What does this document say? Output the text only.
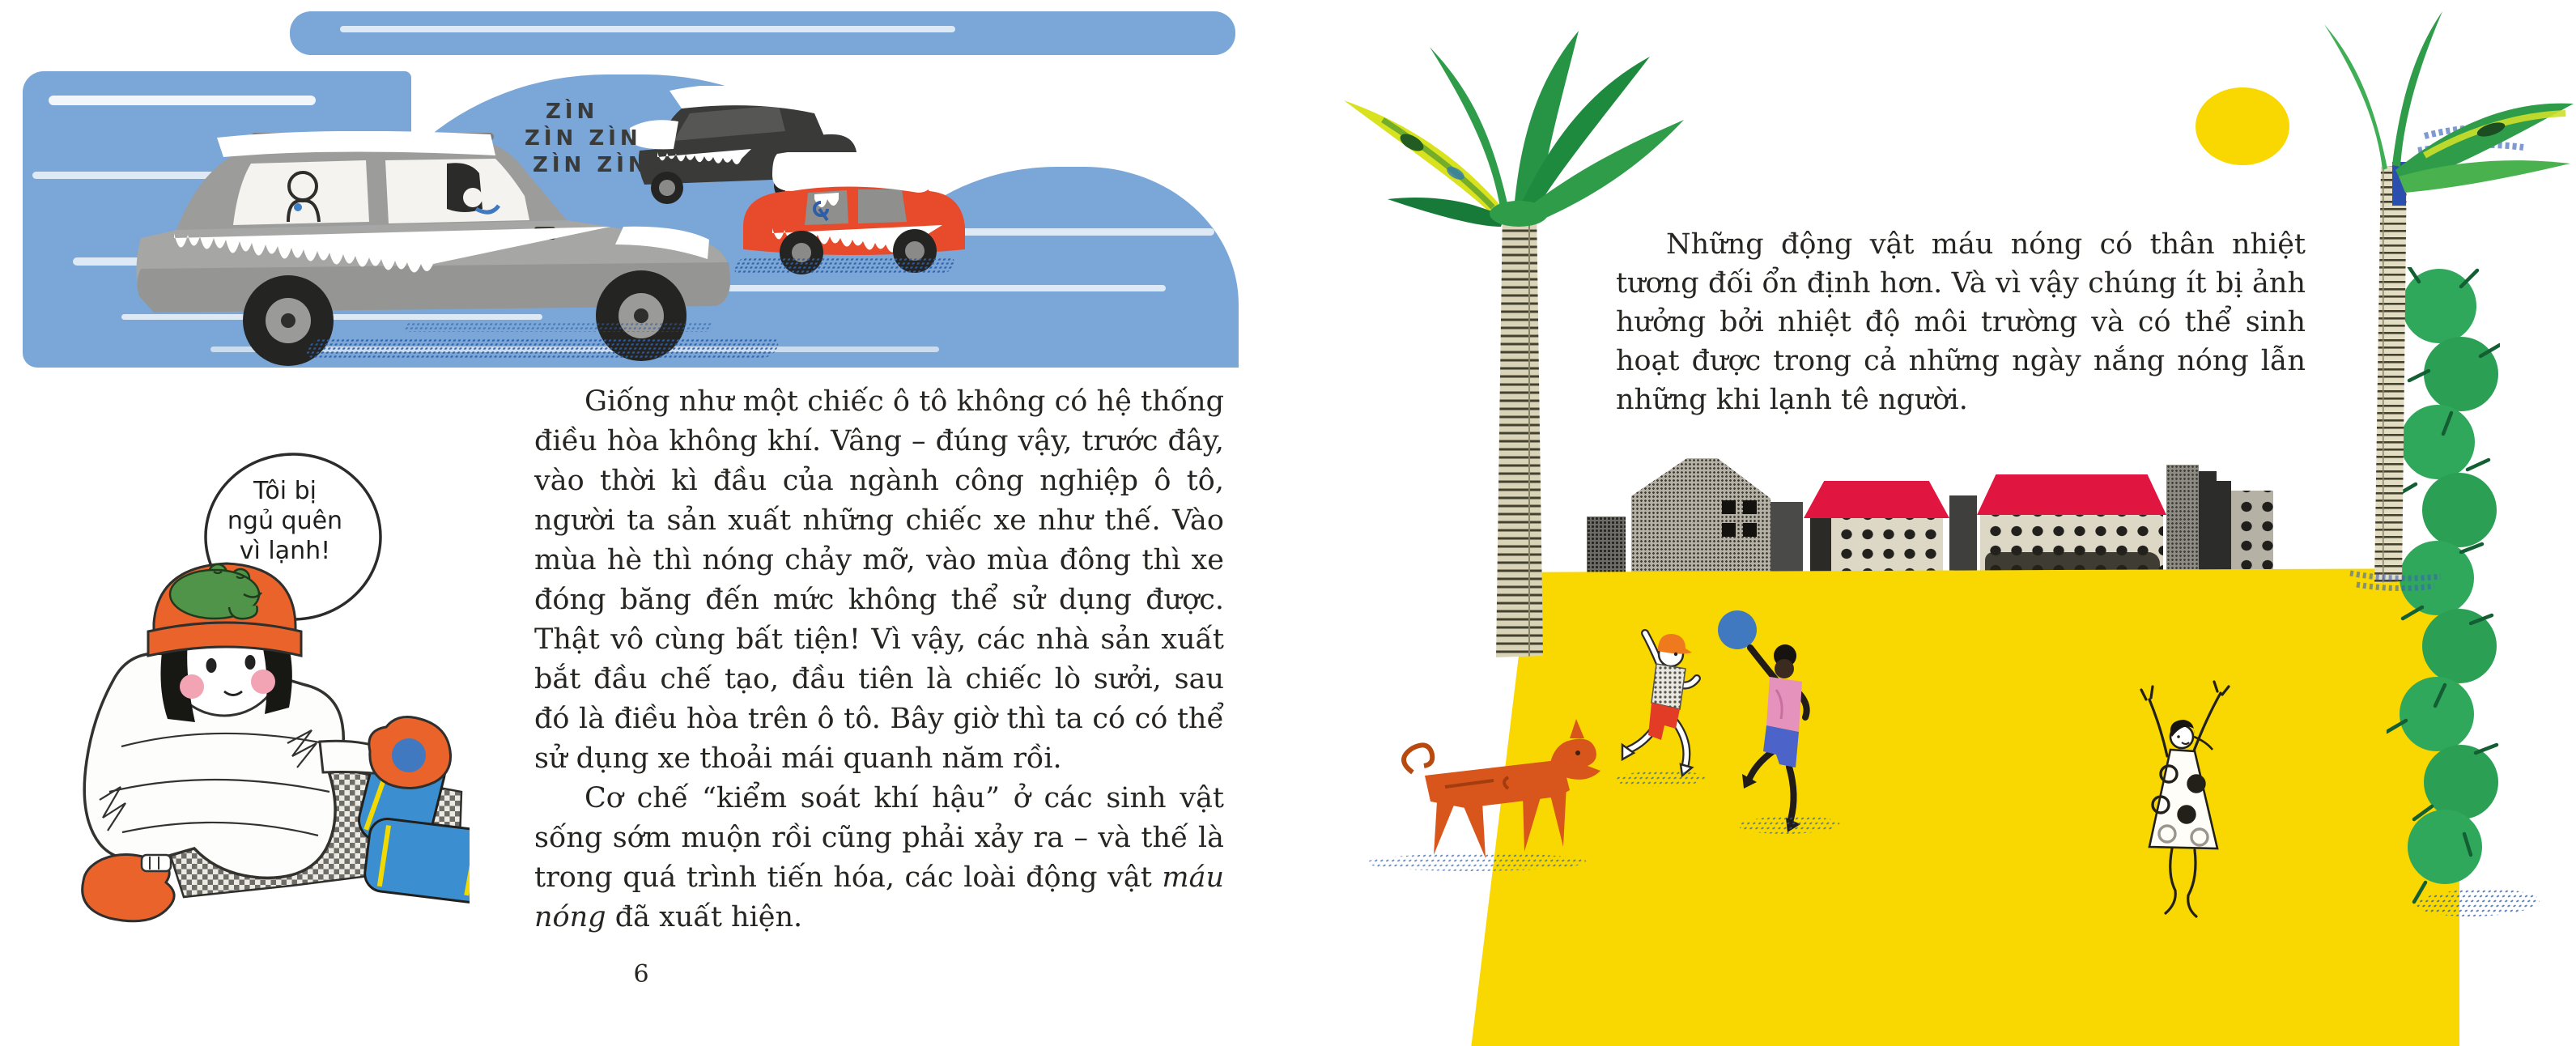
ZÌN
ZÌN ZÌN
ZÌN ZÌN
Tôi bị
ngủ quên
vì lạnh!

Giống như một chiếc ô tô không có hệ thống điều hòa không khí. Vâng – đúng vậy, trước đây, vào thời kì đầu của ngành công nghiệp ô tô, người ta sản xuất những chiếc xe như thế. Vào mùa hè thì nóng chảy mỡ, vào mùa đông thì xe đóng băng đến mức không thể sử dụng được. Thật vô cùng bất tiện! Vì vậy, các nhà sản xuất bắt đầu chế tạo, đầu tiên là chiếc lò sưởi, sau đó là điều hòa trên ô tô. Bây giờ thì ta có có thể sử dụng xe thoải mái quanh năm rồi.

Cơ chế “kiểm soát khí hậu” ở các sinh vật sống sớm muộn rồi cũng phải xảy ra – và thế là trong quá trình tiến hóa, các loài động vật máu nóng đã xuất hiện.

6

Những động vật máu nóng có thân nhiệt tương đối ổn định hơn. Và vì vậy chúng ít bị ảnh hưởng bởi nhiệt độ môi trường và có thể sinh hoạt được trong cả những ngày nắng nóng lẫn những khi lạnh tê người.
